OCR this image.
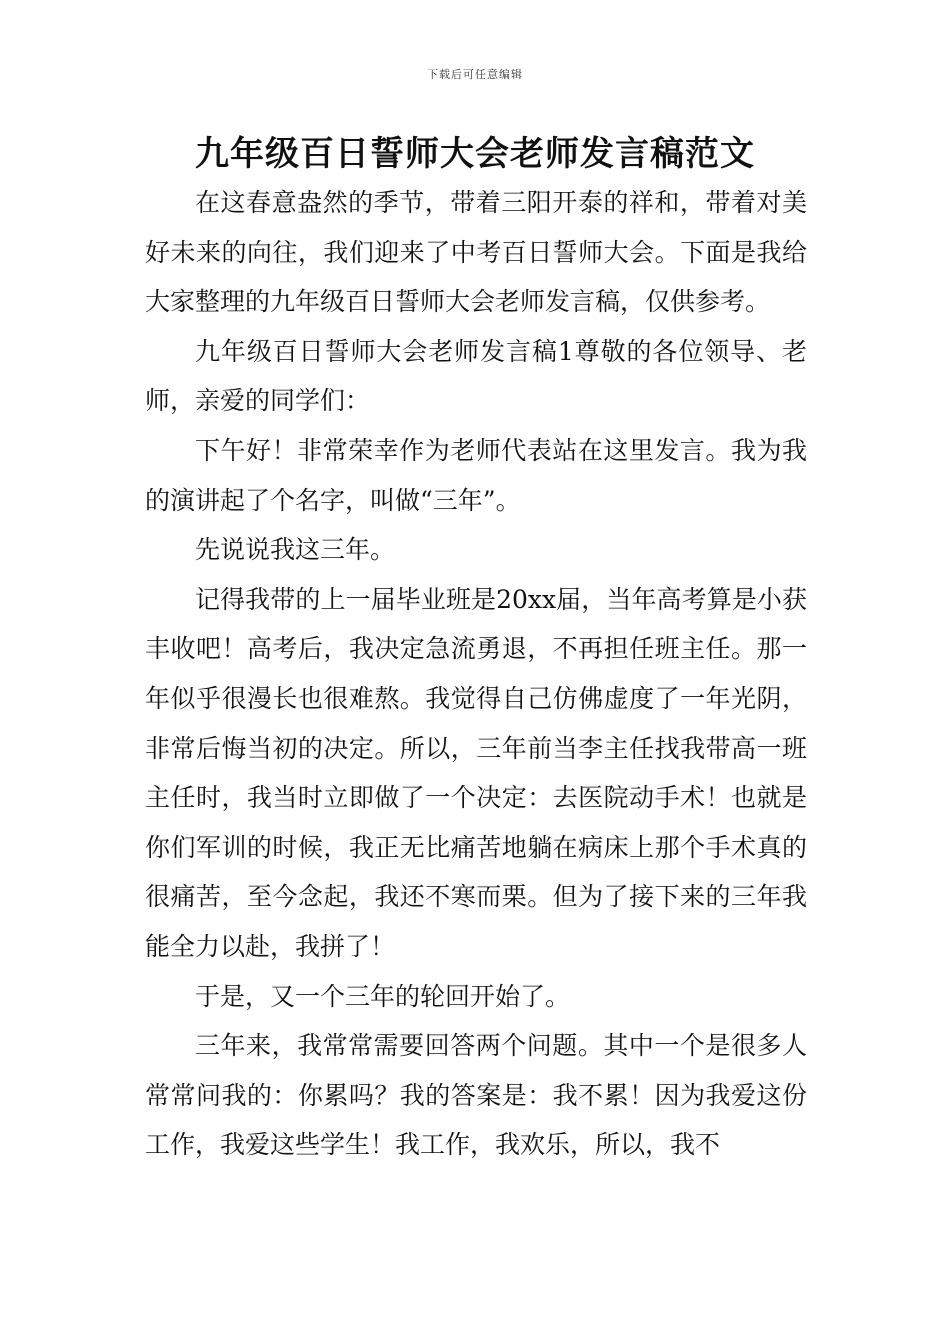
下载后可任意编辑
九年级百日誓师大会老师发言稿范文

在这春意盎然的季节，带着三阳开泰的祥和，带着对美好未来的向往，我们迎来了中考百日誓师大会。下面是我给大家整理的九年级百日誓师大会老师发言稿，仅供参考。

九年级百日誓师大会老师发言稿1尊敬的各位领导、老师，亲爱的同学们：

下午好！非常荣幸作为老师代表站在这里发言。我为我的演讲起了个名字，叫做“三年”。

先说说我这三年。

记得我带的上一届毕业班是20xx届，当年高考算是小获丰收吧！高考后，我决定急流勇退，不再担任班主任。那一年似乎很漫长也很难熬。我觉得自己仿佛虚度了一年光阴，非常后悔当初的决定。所以，三年前当李主任找我带高一班主任时，我当时立即做了一个决定：去医院动手术！也就是你们军训的时候，我正无比痛苦地躺在病床上那个手术真的很痛苦，至今念起，我还不寒而栗。但为了接下来的三年我能全力以赴，我拼了！

于是，又一个三年的轮回开始了。

三年来，我常常需要回答两个问题。其中一个是很多人常常问我的：你累吗？我的答案是：我不累！因为我爱这份工作，我爱这些学生！我工作，我欢乐，所以，我不
